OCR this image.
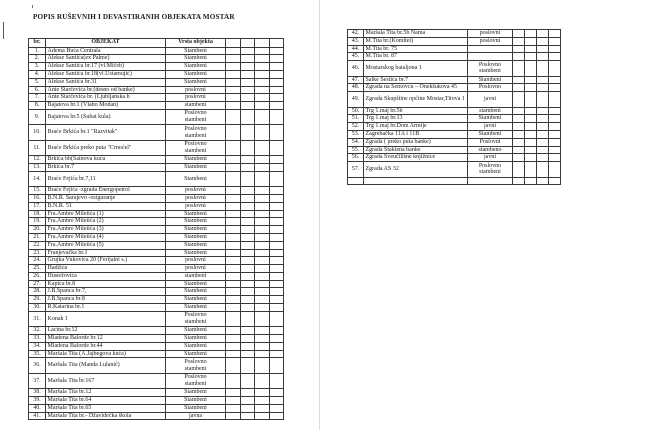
POPIS RUŠEVNIH I DEVASTIRANIH OBJEKATA MOSTAR
br.	OBJEKAT	Vrsta objekta				
1.	Adema Buća Centrala	Stambeni				
2.	Alekse Šantića(ex Palme)	Stambeni				
3.	Alekse Šantića br.17 (vl.Mičeb)	Stambeni				
4.	Alekse Šantića br.18(vl.Ustamujić)	Stambeni				
5.	Alekse Šantića br.31	Stambeni				
6.	Ante Starčevića br.(desno od banke)	poslovni				
7.	Ante Starčevića br. (Ljubljanska b	poslovni				
8.	Bajatova br.1 (Vlaho Modan)	stambeni				
9.	Bajatova br.5 (Suhat kula)	Poslovno stambeni				
10.	Braće Brkića br.1 "Razvitak"	Poslovno stambeni				
11.	Braće Brkića preko puta "Crnoćel"	Poslovno stambeni				
12.	Brkića bb(Šainova kuća	Stambeni				
13.	Brkića br.7	Stambeni				
14.	Braće Fejića br.7,11	Stambeni				
15.	Braće Fejića -zgrada Energopetrol	poslovni				
16.	B.N.R. Sarajevo -osiguranje	poslovni				
17.	B.N.R. 51	poslovni				
18.	Fra.Ambre Miletića (1)	Stambeni				
19.	Fra.Ambre Miletića (2)	Stambeni				
20.	Fra.Ambre Miletića (3)	Stambeni				
21.	Fra.Ambre Miletića (4)	Stambeni				
22.	Fra.Ambre Miletića (5)	Stambeni				
23.	Franjevačka br.1	Stambeni				
24.	Grujka Vukovića 20 (Ferijalni s.)	poslovni				
25.	Hadžića	poslovni				
26.	Husrefovića	stambeni				
27.	Kapica br.8	Stambeni				
28.	J.B.Španca br.7,	Stambeni				
29.	J.B.Španca br.8	Stambeni				
30.	R.Katarina br.1	Stambeni				
31.	Konak 1	Poslovno stambeni				
32.	Lacina br.12	Stambeni				
33.	Mladena Balorde br.12	Stambeni				
34.	Mladena Balorde br.44	Stambeni				
35.	Maršala Tita (A.Jajbegova kuća)	Stambeni				
36.	Maršala Tita (Manda Lulanić)	Poslovno stambeni				
37.	Maršala Tita br.167	Poslovno stambeni				
38.	Maršala Tita br.12	Stambeni				
39.	Maršala Tita br.64	Stambeni				
40.	Maršala Tita br.65	Stambeni				
41.	Maršala Tita br.- Džavidečka škola	javna				
42.	Maršala Tita br.5b Nama	poslovni				
43.	M.Tita br.(Komitet)	poslovni				
44.	M.Tita br. 75					
45.	M.Tita br. 87					
46.	Mostarskog bataljona 1	Poslovno stambeni				
47.	Salke Šestića br.7	Stambeni				
48.	Zgrada na Šemovcu – Onekšukova 45	Poslovno				
49.	Zgrada Skupštine općine Mostar,Titova 1	javni				
50.	Trg 1.maj br.5b	stambeni				
51.	Trg 1.maj br.13	Stambeni				
52.	Trg 1.maj br.Dom Armije	javni				
53.	Zagrebačka 11A i 11B	Stambeni				
54.	Zgrada ( preko puta banke)	Poslovni				
55.	Zgrada Staklena banke	stambeno				
56.	Zgrada Sveučilišne knjižnice	javni				
57.	Zgrada AS 32	Poslovno stambeni				
